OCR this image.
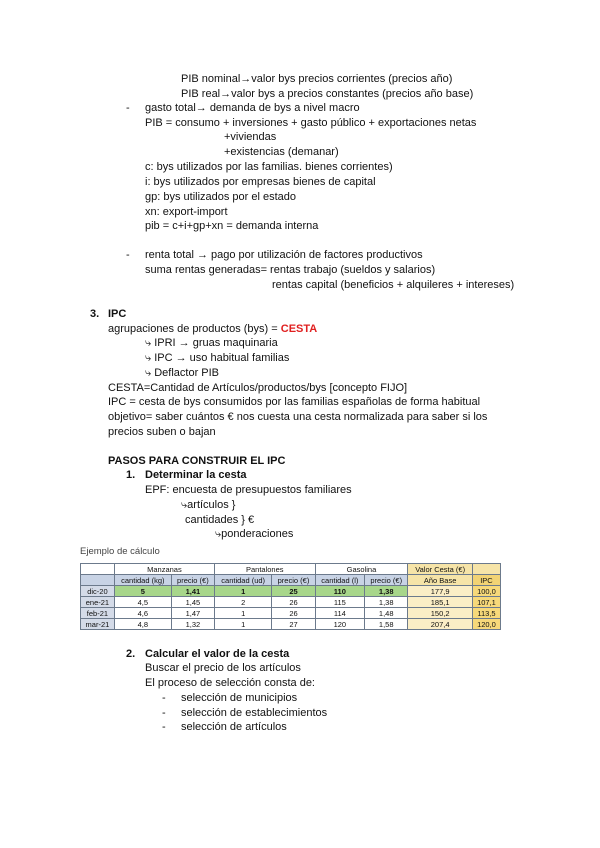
PIB nominal→valor bys precios corrientes (precios año)
PIB real→valor bys a precios constantes (precios año base)
- gasto total→ demanda de bys a nivel macro
PIB = consumo + inversiones + gasto público + exportaciones netas
+viviendas
+existencias (demanar)
c: bys utilizados por las familias. bienes corrientes)
i: bys utilizados por empresas bienes de capital
gp: bys utilizados por el estado
xn: export-import
pib = c+i+gp+xn = demanda interna
- renta total → pago por utilización de factores productivos
suma rentas generadas= rentas trabajo (sueldos y salarios)
rentas capital (beneficios + alquileres + intereses)
3. IPC
agrupaciones de productos (bys) = CESTA
⤷ IPRI → gruas maquinaria
⤷ IPC → uso habitual familias
⤷ Deflactor PIB
CESTA=Cantidad de Artículos/productos/bys [concepto FIJO]
IPC = cesta de bys consumidos por las familias españolas de forma habitual
objetivo= saber cuántos € nos cuesta una cesta normalizada para saber si los
precios suben o bajan
PASOS PARA CONSTRUIR EL IPC
1. Determinar la cesta
EPF: encuesta de presupuestos familiares
⤷artículos }
cantidades } €
⤷ponderaciones
Ejemplo de cálculo
	Manzanas		Pantalones		Gasolina		Valor Cesta (€)	
	cantidad (kg)	precio (€)	cantidad (ud)	precio (€)	cantidad (l)	precio (€)	Año Base	IPC
dic-20	5	1,41	1	25	110	1,38	177,9	100,0
ene-21	4,5	1,45	2	26	115	1,38	185,1	107,1
feb-21	4,6	1,47	1	26	114	1,48	150,2	113,5
mar-21	4,8	1,32	1	27	120	1,58	207,4	120,0
2. Calcular el valor de la cesta
Buscar el precio de los artículos
El proceso de selección consta de:
- selección de municipios
- selección de establecimientos
- selección de artículos
